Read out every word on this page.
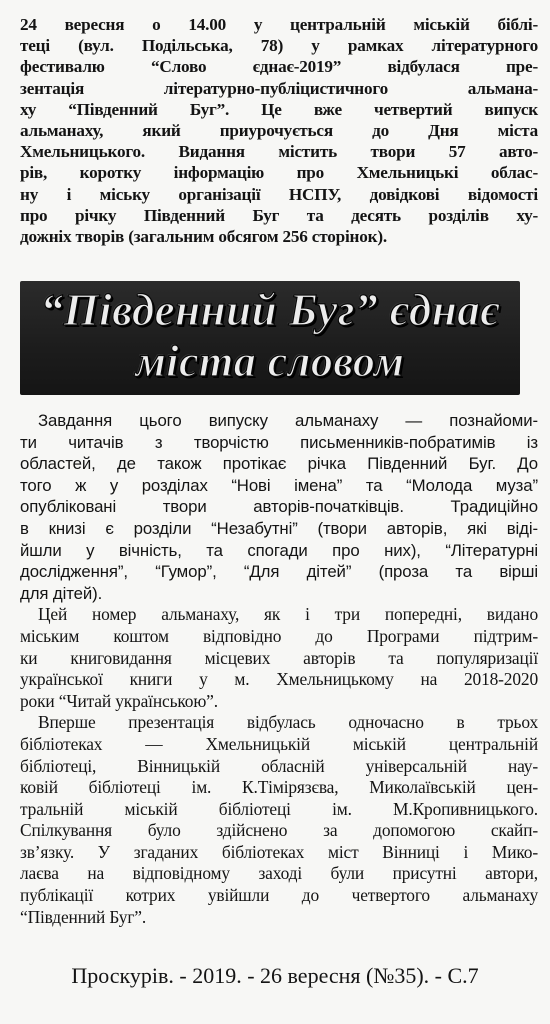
24 вересня о 14.00 у центральній міській біблі-
теці (вул. Подільська, 78) у рамках літературного
фестивалю “Слово єднає-2019” відбулася пре-
зентація літературно-публіцистичного альмана-
ху “Південний Буг”. Це вже четвертий випуск
альманаху, який приурочується до Дня міста
Хмельницького. Видання містить твори 57 авто-
рів, коротку інформацію про Хмельницькі облас-
ну і міську організації НСПУ, довідкові відомості
про річку Південний Буг та десять розділів ху-
дожніх творів (загальним обсягом 256 сторінок).
“Південний Буг” єднає
міста словом
Завдання цього випуску альманаху — познайоми-
ти читачів з творчістю письменників-побратимів із
областей, де також протікає річка Південний Буг. До
того ж у розділах “Нові імена” та “Молода муза”
опубліковані твори авторів-початківців. Традиційно
в книзі є розділи “Незабутні” (твори авторів, які віді-
йшли у вічність, та спогади про них), “Літературні
дослідження”, “Гумор”, “Для дітей” (проза та вірші
для дітей).
Цей номер альманаху, як і три попередні, видано
міським коштом відповідно до Програми підтрим-
ки книговидання місцевих авторів та популяризації
української книги у м. Хмельницькому на 2018-2020
роки “Читай українською”.
Вперше презентація відбулась одночасно в трьох
бібліотеках — Хмельницькій міській центральній
бібліотеці, Вінницькій обласній універсальній нау-
ковій бібліотеці ім. К.Тімірязєва, Миколаївській цен-
тральній міській бібліотеці ім. М.Кропивницького.
Спілкування було здійснено за допомогою скайп-
зв’язку. У згаданих бібліотеках міст Вінниці і Мико-
лаєва на відповідному заході були присутні автори,
публікації котрих увійшли до четвертого альманаху
“Південний Буг”.
Проскурів. - 2019. - 26 вересня (№35). - С.7
